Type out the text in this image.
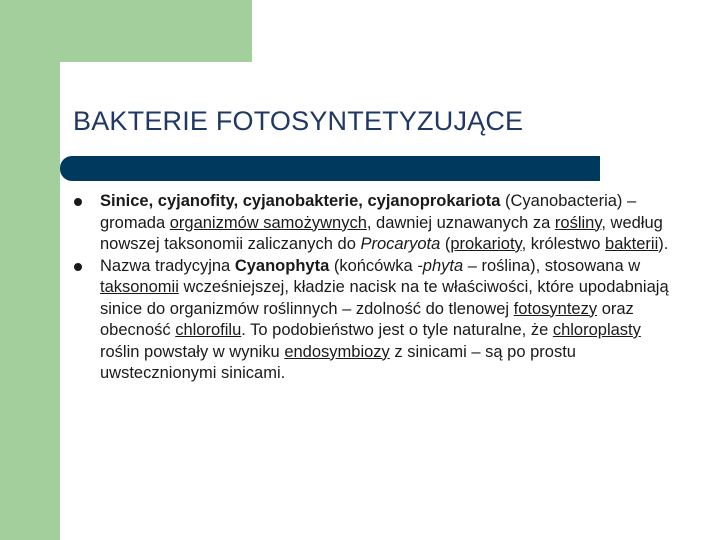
BAKTERIE FOTOSYNTETYZUJĄCE
Sinice, cyjanofity, cyjanobakterie, cyjanoprokariota (Cyanobacteria) – gromada organizmów samożywnych, dawniej uznawanych za rośliny, według nowszej taksonomii zaliczanych do Procaryota (prokarioty, królestwo bakterii).
Nazwa tradycyjna Cyanophyta (końcówka -phyta – roślina), stosowana w taksonomii wcześniejszej, kładzie nacisk na te właściwości, które upodabniają sinice do organizmów roślinnych – zdolność do tlenowej fotosyntezy oraz obecność chlorofilu. To podobieństwo jest o tyle naturalne, że chloroplasty roślin powstały w wyniku endosymbiozy z sinicami – są po prostu uwstecznionymi sinicami.
